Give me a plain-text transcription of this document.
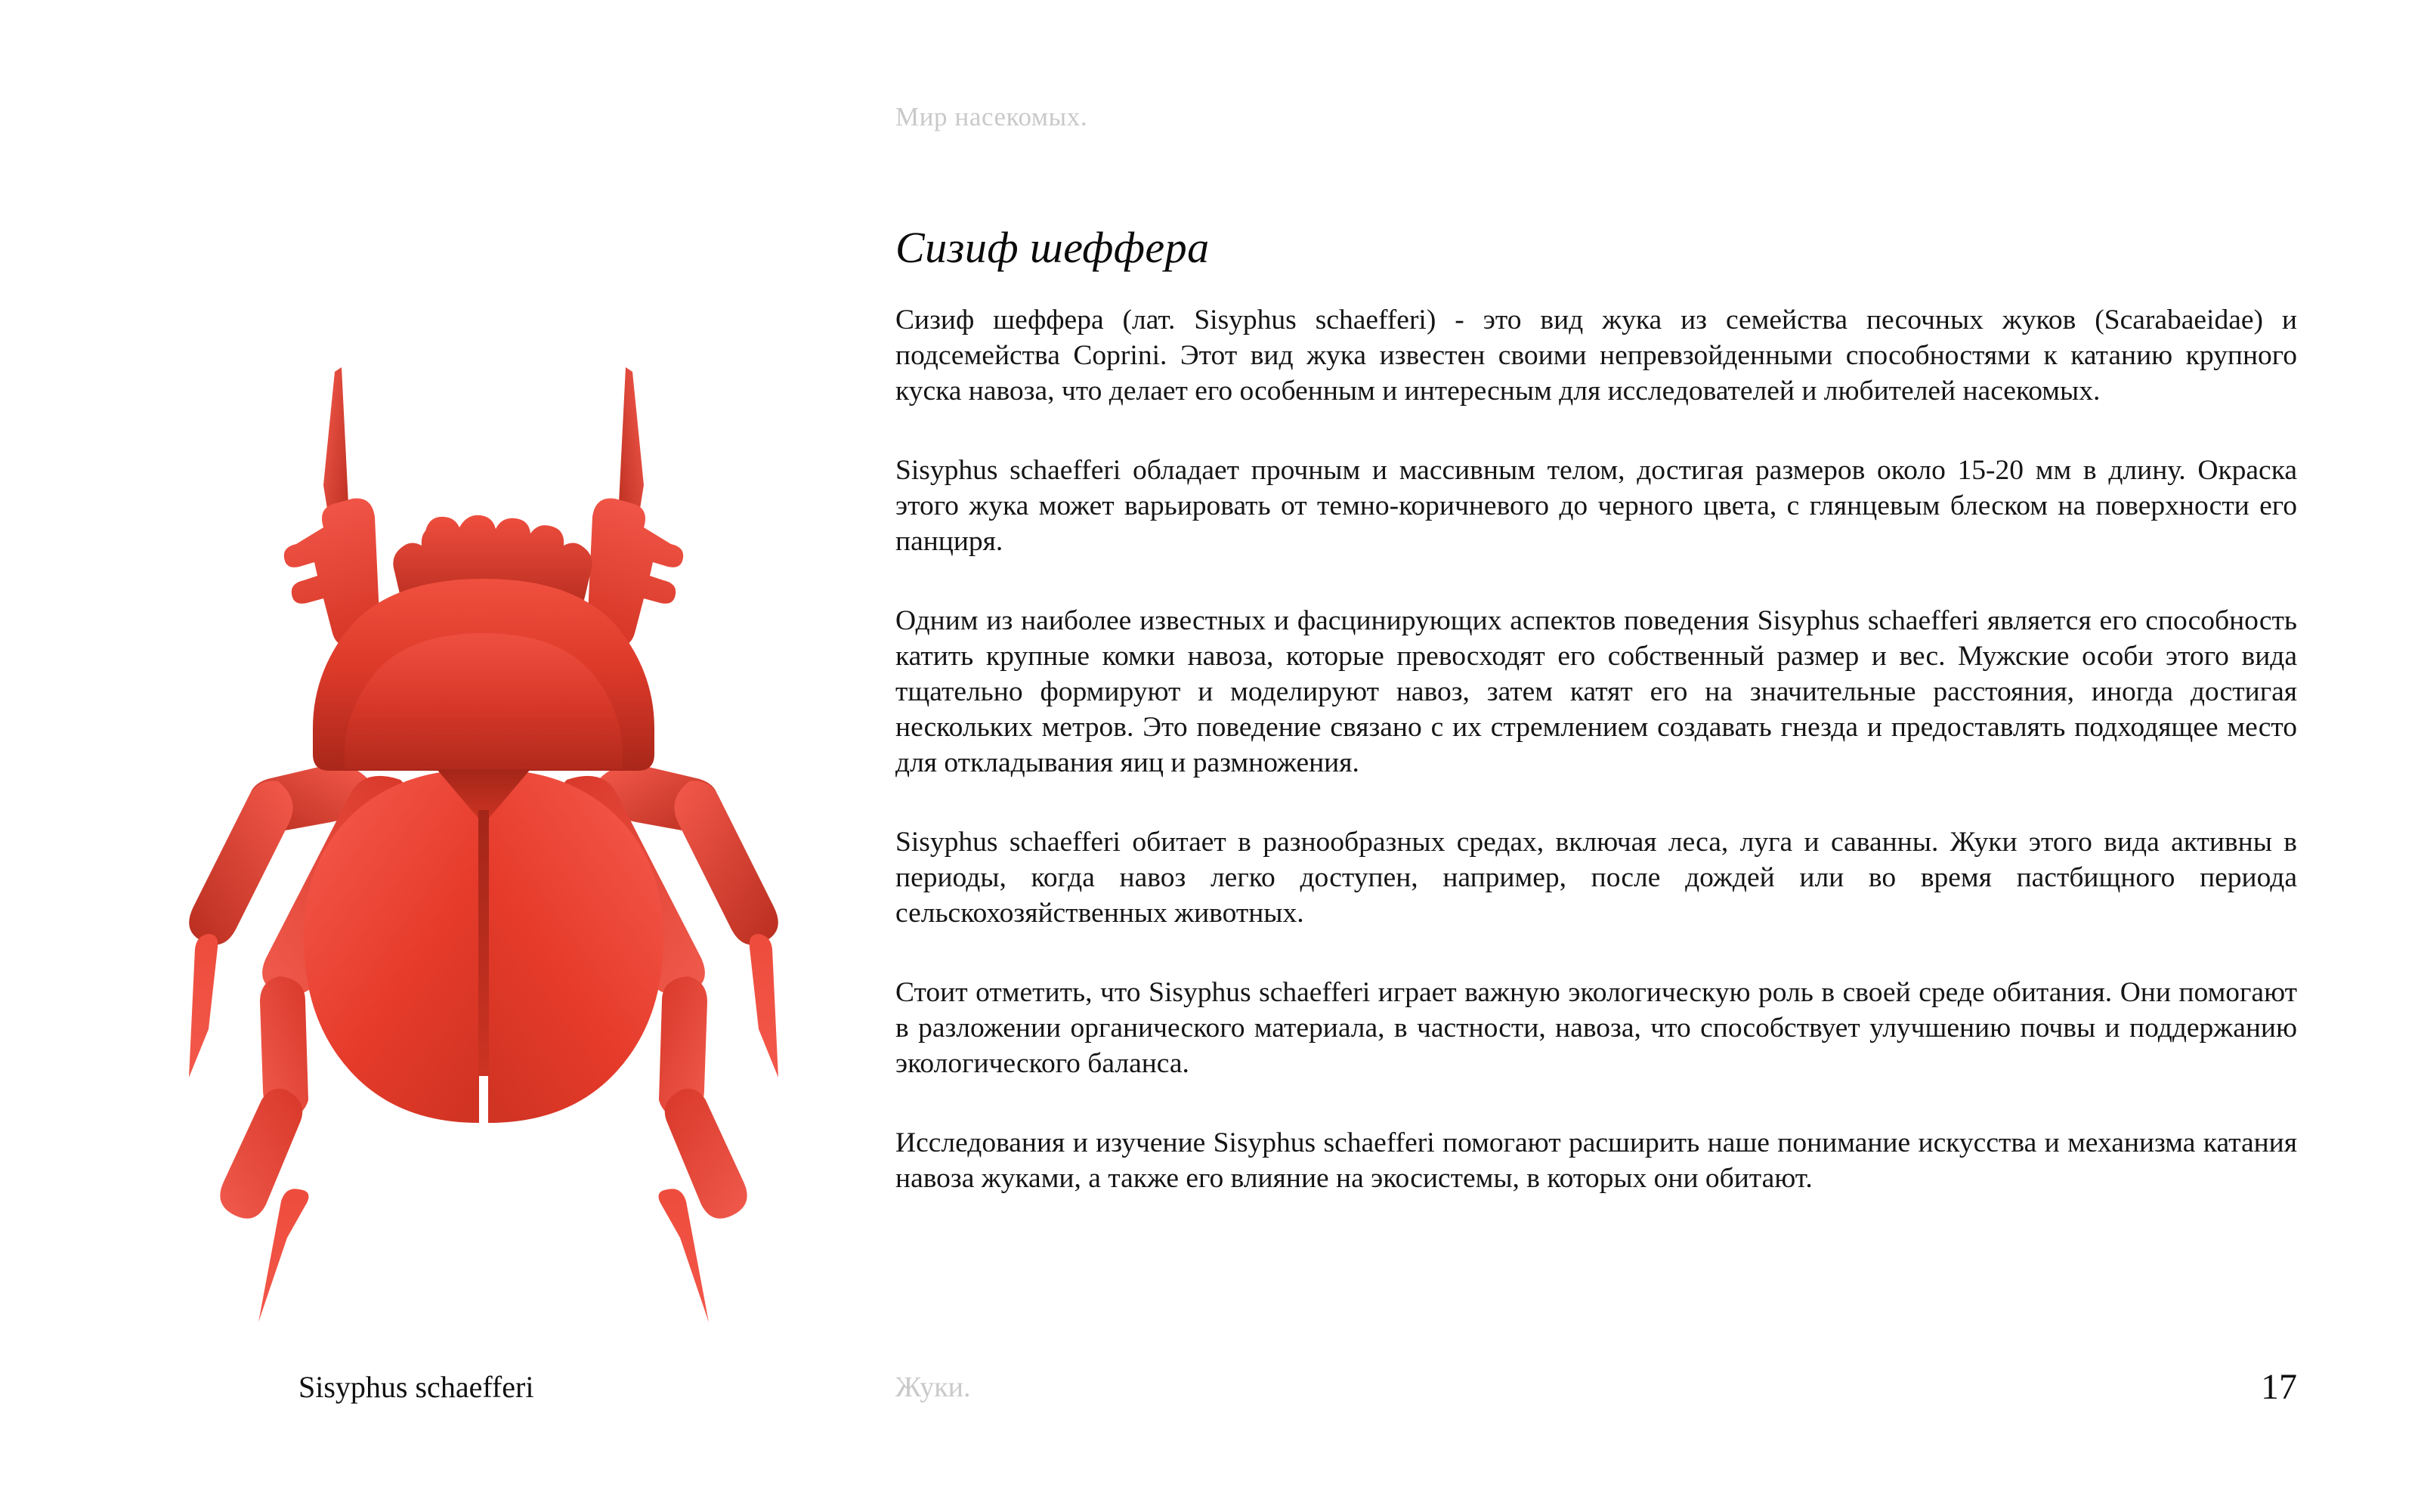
Мир насекомых.
Сизиф шеффера

Сизиф шеффера (лат. Sisyphus schaefferi) - это вид жука из семейства песочных жуков (Scarabaeidae) и подсемейства Coprini. Этот вид жука известен своими непревзойденными способностями к катанию крупного куска навоза, что делает его особенным и интересным для исследователей и любителей насекомых.

Sisyphus schaefferi обладает прочным и массивным телом, достигая размеров около 15-20 мм в длину. Окраска этого жука может варьировать от темно-коричневого до черного цвета, с глянцевым блеском на поверхности его панциря.

Одним из наиболее известных и фасцинирующих аспектов поведения Sisyphus schaefferi является его способность катить крупные комки навоза, которые превосходят его собственный размер и вес. Мужские особи этого вида тщательно формируют и моделируют навоз, затем катят его на значительные расстояния, иногда достигая нескольких метров. Это поведение связано с их стремлением создавать гнезда и предоставлять подходящее место для откладывания яиц и размножения.

Sisyphus schaefferi обитает в разнообразных средах, включая леса, луга и саванны. Жуки этого вида активны в периоды, когда навоз легко доступен, например, после дождей или во время пастбищного периода сельскохозяйственных животных.

Стоит отметить, что Sisyphus schaefferi играет важную экологическую роль в своей среде обитания. Они помогают в разложении органического материала, в частности, навоза, что способствует улучшению почвы и поддержанию экологического баланса.

Исследования и изучение Sisyphus schaefferi помогают расширить наше понимание искусства и механизма катания навоза жуками, а также его влияние на экосистемы, в которых они обитают.

Sisyphus schaefferi	Жуки.	17
